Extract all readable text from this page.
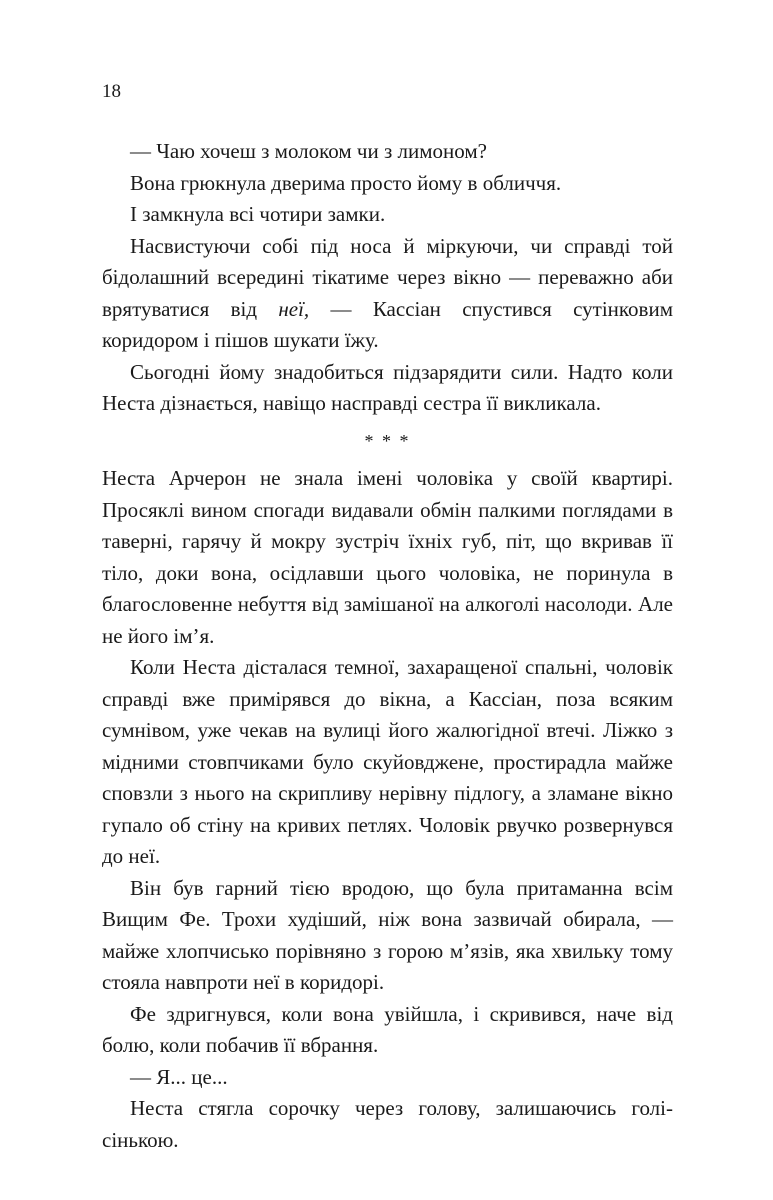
18

— Чаю хочеш з молоком чи з лимоном?

Вона грюкнула дверима просто йому в обличчя.

І замкнула всі чотири замки.

Насвистуючи собі під носа й міркуючи, чи справді той бідолашний всередині тікатиме через вікно — переважно аби врятуватися від неї, — Кассіан спустився сутінковим коридором і пішов шукати їжу.

Сьогодні йому знадобиться підзарядити сили. Надто коли Неста дізнається, навіщо насправді сестра її викликала.

* * *

Неста Арчерон не знала імені чоловіка у своїй квартирі. Просяклі вином спогади видавали обмін палкими поглядами в таверні, гарячу й мокру зустріч їхніх губ, піт, що вкривав її тіло, доки вона, осідлавши цього чоловіка, не поринула в благословенне небуття від замішаної на алкоголі насолоди. Але не його ім’я.

Коли Неста дісталася темної, захаращеної спальні, чоловік справді вже примірявся до вікна, а Кассіан, поза всяким сумнівом, уже чекав на вулиці його жалюгідної втечі. Ліжко з мідними стовпчиками було скуйовджене, простирадла майже сповзли з нього на скрипливу нерівну підлогу, а зламане вікно гупало об стіну на кривих петлях. Чоловік рвучко розвернувся до неї.

Він був гарний тією вродою, що була притаманна всім Вищим Фе. Трохи худіший, ніж вона зазвичай обирала, — майже хлопчисько порівняно з горою м’язів, яка хвильку тому стояла навпроти неї в коридорі.

Фе здригнувся, коли вона увійшла, і скривився, наче від болю, коли побачив її вбрання.

— Я... це...

Неста стягла сорочку через голову, залишаючись голісінькою.
